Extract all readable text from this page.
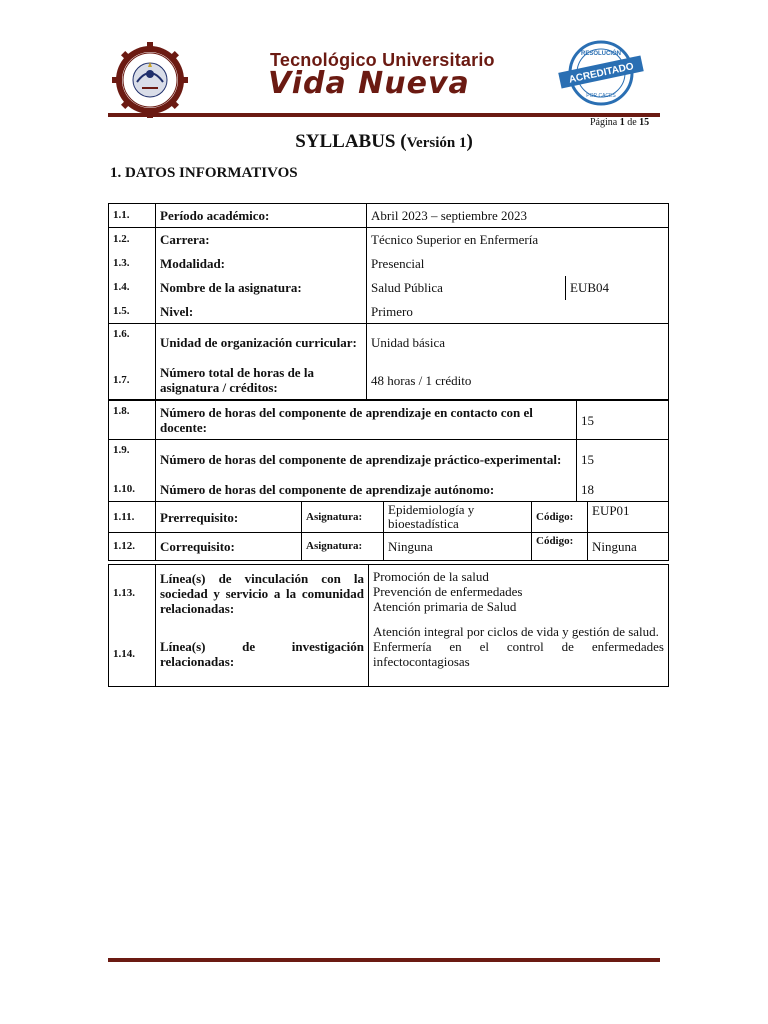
Tecnológico Universitario
Vida Nueva	ACREDITADO
RESOLUCIÓN
POR CACES
Página 1 de 15
SYLLABUS (Versión 1)
1. DATOS INFORMATIVOS
1.1.	Período académico:	Abril 2023 – septiembre 2023	
1.2.	Carrera:	Técnico Superior en Enfermería	
1.3.	Modalidad:	Presencial	
1.4.	Nombre de la asignatura:	Salud Pública	EUB04
1.5.	Nivel:	Primero	
1.6.	Unidad de organización curricular:	Unidad básica	
1.7.	Número total de horas de la asignatura / créditos:	48 horas / 1 crédito	
1.8.	Número de horas del componente de aprendizaje en contacto con el docente:	15
1.9.	Número de horas del componente de aprendizaje práctico-experimental:	15
1.10.	Número de horas del componente de aprendizaje autónomo:	18
1.11.	Prerrequisito:	Asignatura:	Epidemiología y bioestadística	Código:	EUP01
1.12.	Correquisito:	Asignatura:	Ninguna	Código:	Ninguna
1.13.	Línea(s) de vinculación con la sociedad y servicio a la comunidad relacionadas:	Promoción de la salud
Prevención de enfermedades
Atención primaria de Salud

1.14.	Línea(s) de investigación relacionadas:	Atención integral por ciclos de vida y gestión de salud.
Enfermería en el control de enfermedades infectocontagiosas
